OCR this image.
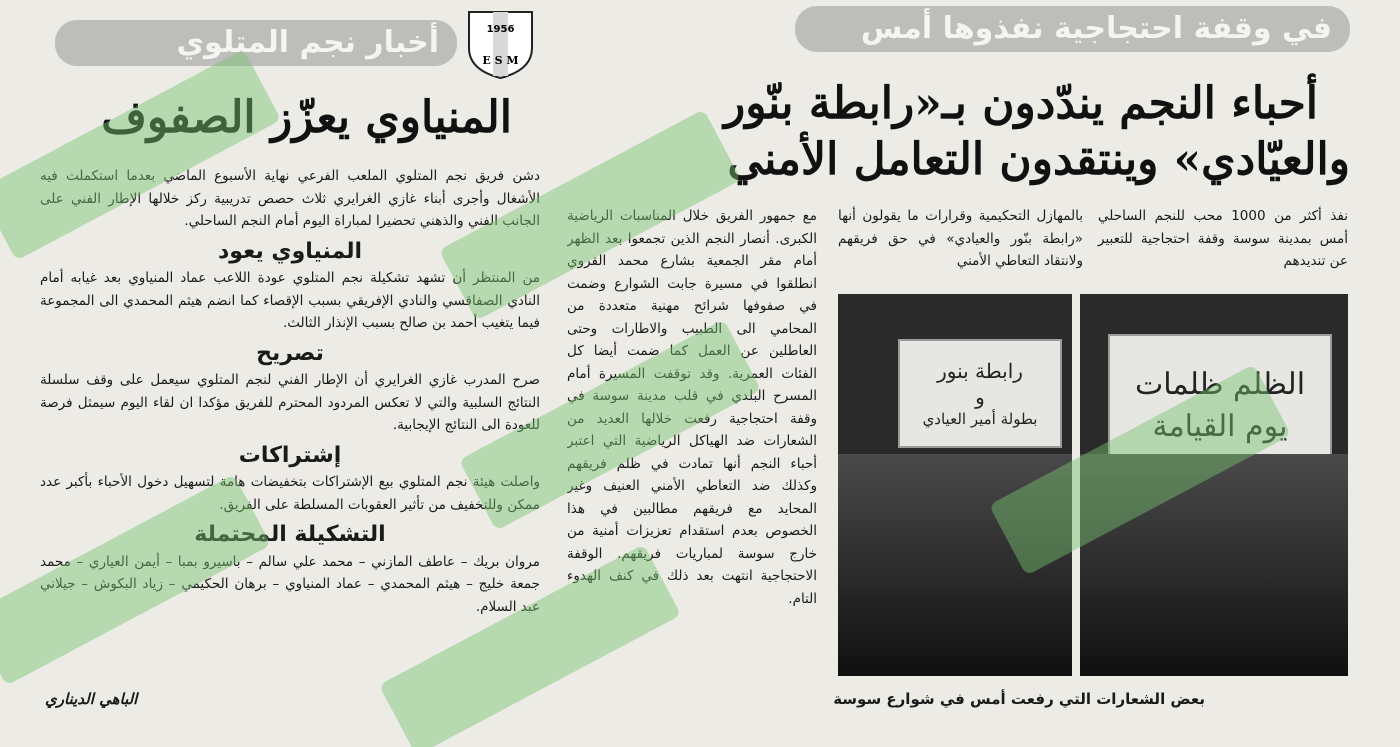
في وقفة احتجاجية نفذوها أمس
أحباء النجم يندّدون بـ«رابطة بنّور
والعيّادي» وينتقدون التعامل الأمني
نفذ أكثر من 1000 محب للنجم الساحلي أمس بمدينة سوسة وقفة احتجاجية للتعبير عن تنديدهم
بالمهازل التحكيمية وقرارات ما يقولون أنها «رابطة بنّور والعيادي» في حق فريقهم ولانتقاد التعاطي الأمني
مع جمهور الفريق خلال المناسبات الرياضية الكبرى. أنصار النجم الذين تجمعوا بعد الظهر أمام مقر الجمعية بشارع محمد القروي انطلقوا في مسيرة جابت الشوارع وضمت في صفوفها شرائح مهنية متعددة من المحامي الى الطبيب والاطارات وحتى العاطلين عن العمل كما ضمت أيضا كل الفئات العمرية. وقد توقفت المسيرة أمام المسرح البلدي في قلب مدينة سوسة في وقفة احتجاجية رفعت خلالها العديد من الشعارات ضد الهياكل الرياضية التي اعتبر أحباء النجم أنها تمادت في ظلم فريقهم وكذلك ضد التعاطي الأمني العنيف وغير المحايد مع فريقهم مطالبين في هذا الخصوص بعدم استقدام تعزيزات أمنية من خارج سوسة لمباريات فريقهم. الوقفة الاحتجاجية انتهت بعد ذلك في كنف الهدوء التام.
الظلم ظلمات يوم القيامة
رابطة بنور
و
بطولة أمير العيادي
بعض الشعارات التي رفعت أمس في شوارع سوسة
1956
E S M
أخبار نجم المتلوي
المنياوي يعزّز الصفوف

دشن فريق نجم المتلوي الملعب الفرعي نهاية الأسبوع الماضي بعدما استكملت فيه الأشغال وأجرى أبناء غازي الغرايري ثلاث حصص تدريبية ركز خلالها الإطار الفني على الجانب الفني والذهني تحضيرا لمباراة اليوم أمام النجم الساحلي.

المنياوي يعود

من المنتظر أن تشهد تشكيلة نجم المتلوي عودة اللاعب عماد المنياوي بعد غيابه أمام النادي الصفاقسي والنادي الإفريقي بسبب الإقصاء كما انضم هيثم المحمدي الى المجموعة فيما يتغيب أحمد بن صالح بسبب الإنذار الثالث.

تصريح

صرح المدرب غازي الغرايري أن الإطار الفني لنجم المتلوي سيعمل على وقف سلسلة النتائج السلبية والتي لا تعكس المردود المحترم للفريق مؤكدا ان لقاء اليوم سيمثل فرصة للعودة الى النتائج الإيجابية.

إشتراكات

واصلت هيئة نجم المتلوي بيع الإشتراكات بتخفيضات هامة لتسهيل دخول الأحباء بأكبر عدد ممكن وللتخفيف من تأثير العقوبات المسلطة على الفريق.

التشكيلة المحتملة

مروان بريك – عاطف المازني – محمد علي سالم – باسيرو بمبا – أيمن العياري – محمد جمعة خليج – هيثم المحمدي – عماد المنياوي – برهان الحكيمي – زياد البكوش – جيلاني عبد السلام.

الباهي الديناري
